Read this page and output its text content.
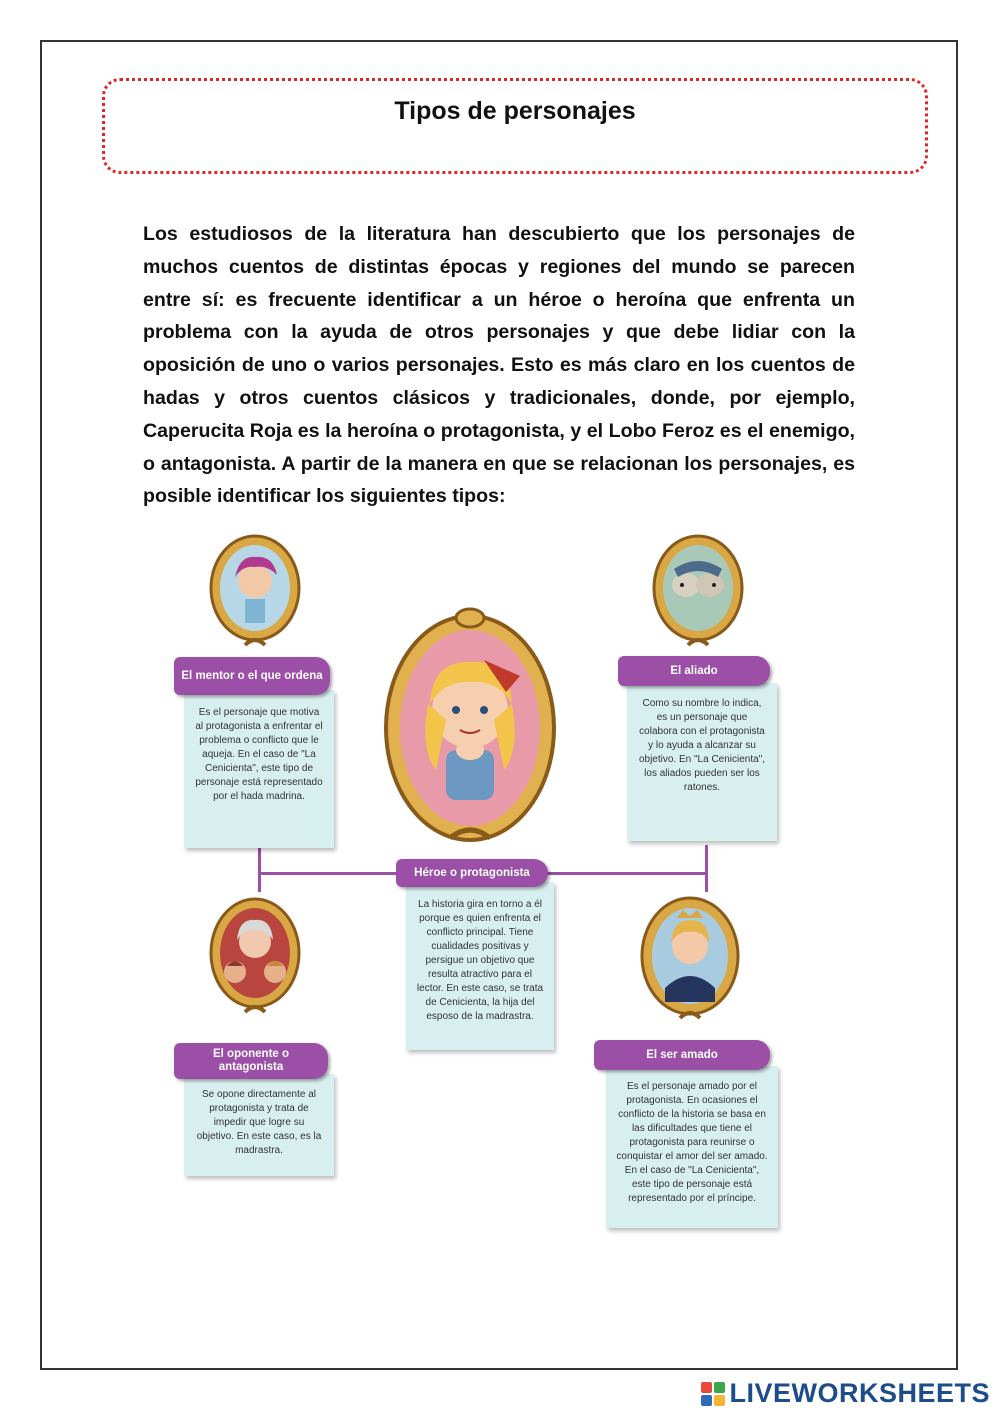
Tipos de personajes
Los estudiosos de la literatura han descubierto que los personajes de muchos cuentos de distintas épocas y regiones del mundo se parecen entre sí: es frecuente identificar a un héroe o heroína que enfrenta un problema con la ayuda de otros personajes y que debe lidiar con la oposición de uno o varios personajes. Esto es más claro en los cuentos de hadas y otros cuentos clásicos y tradicionales, donde, por ejemplo, Caperucita Roja es la heroína o protagonista, y el Lobo Feroz es el enemigo, o antagonista. A partir de la manera en que se relacionan los personajes, es posible identificar los siguientes tipos:
Es el personaje que motiva al protagonista a enfrentar el problema o conflicto que le aqueja. En el caso de "La Cenicienta", este tipo de personaje está representado por el hada madrina.
El mentor o el que ordena
Como su nombre lo indica, es un personaje que colabora con el protagonista y lo ayuda a alcanzar su objetivo. En "La Cenicienta", los aliados pueden ser los ratones.
El aliado
La historia gira en torno a él porque es quien enfrenta el conflicto principal. Tiene cualidades positivas y persigue un objetivo que resulta atractivo para el lector. En este caso, se trata de Cenicienta, la hija del esposo de la madrastra.
Héroe o protagonista
Se opone directamente al protagonista y trata de impedir que logre su objetivo. En este caso, es la madrastra.
El oponente o antagonista
Es el personaje amado por el protagonista. En ocasiones el conflicto de la historia se basa en las dificultades que tiene el protagonista para reunirse o conquistar el amor del ser amado. En el caso de "La Cenicienta", este tipo de personaje está representado por el príncipe.
El ser amado
LIVEWORKSHEETS
